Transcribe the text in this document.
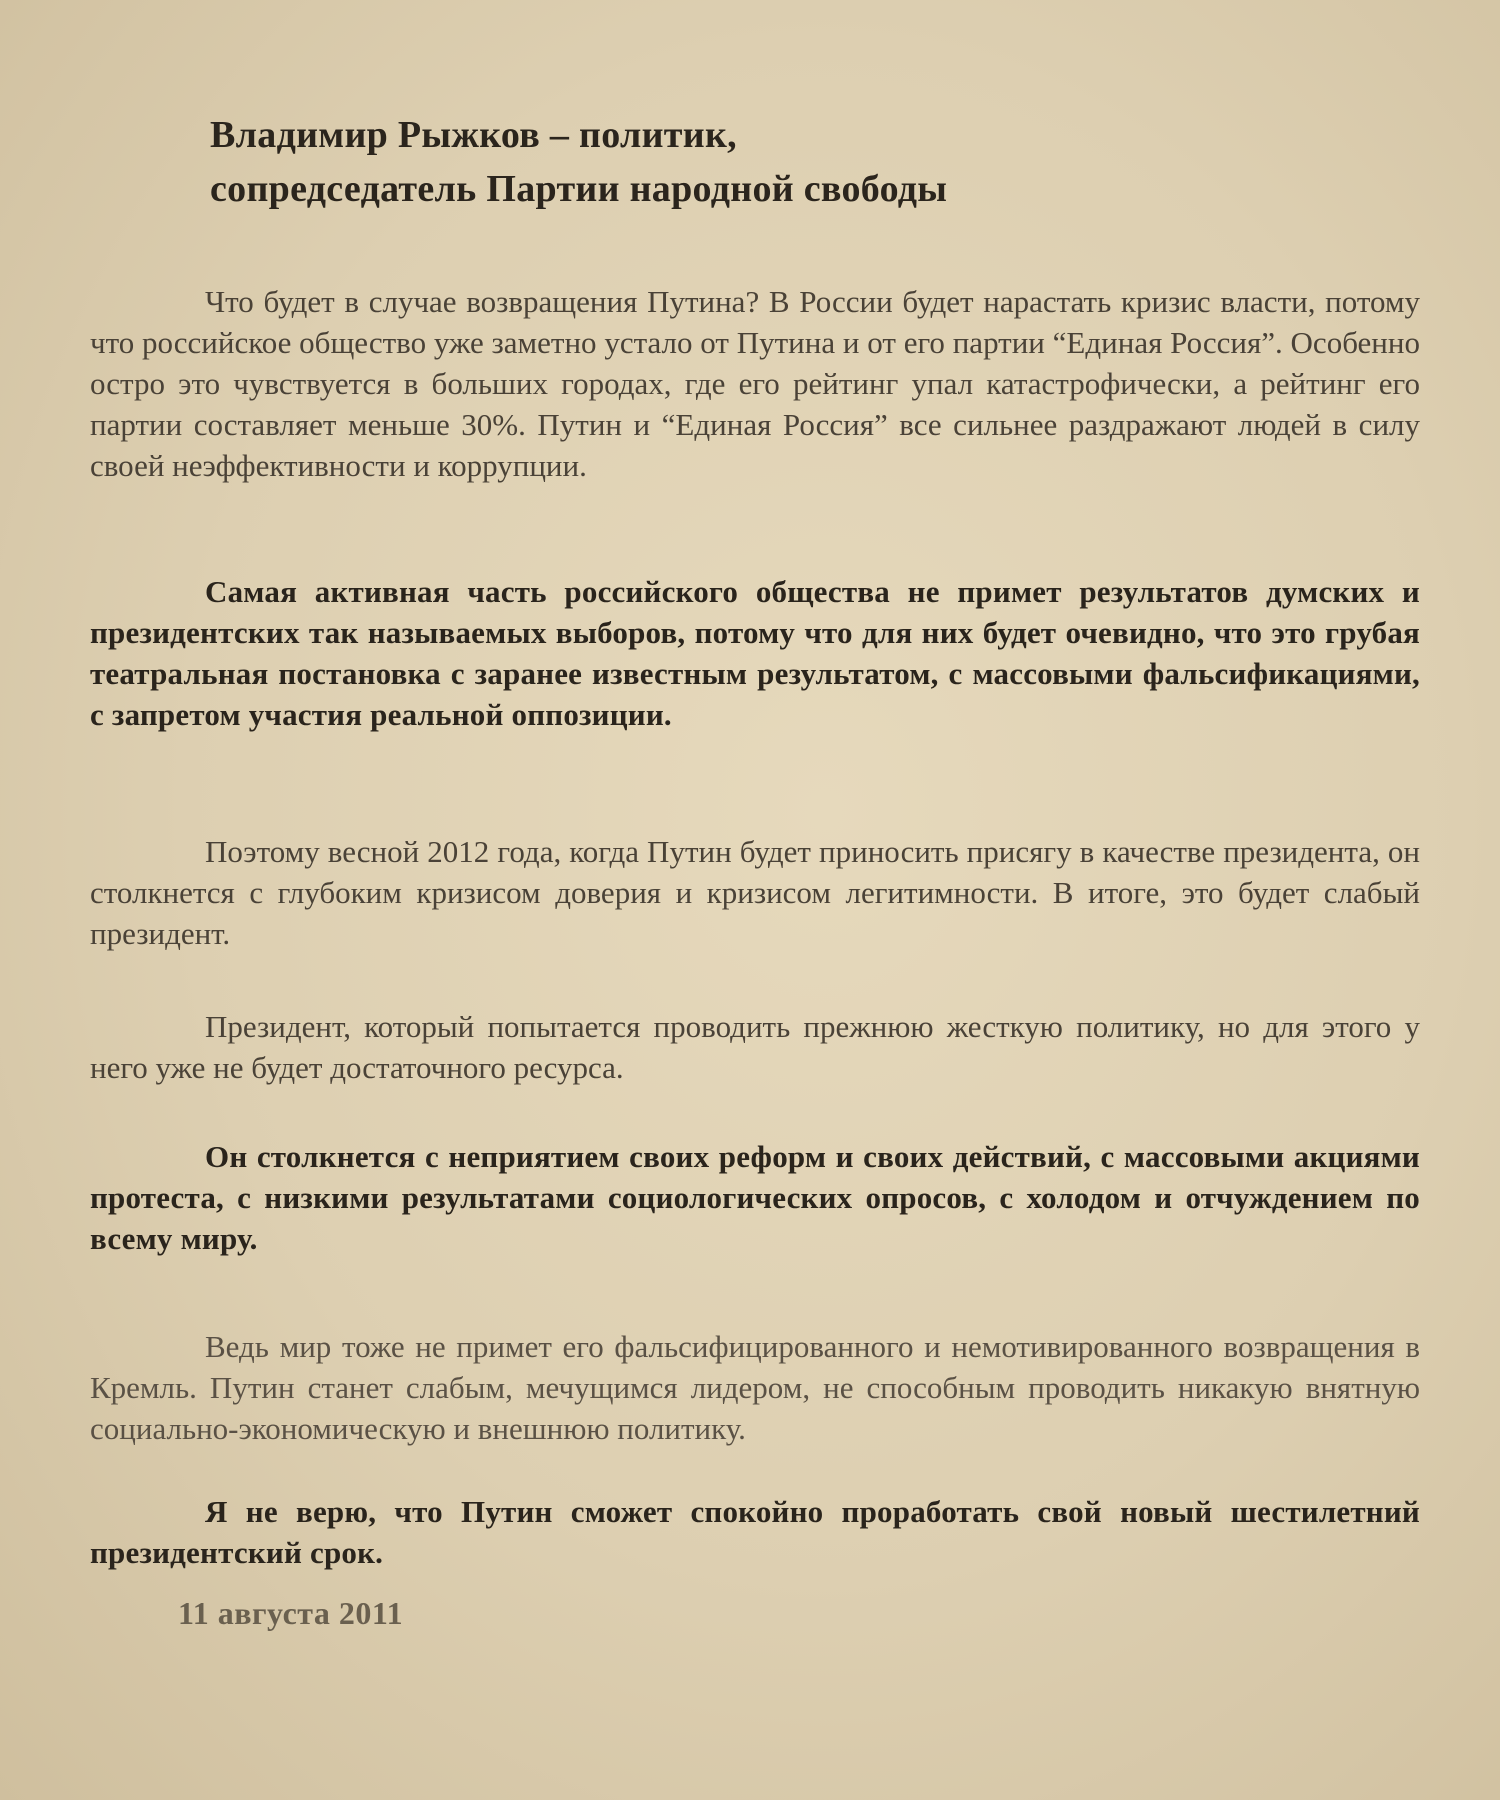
Владимир Рыжков – политик,
сопредседатель Партии народной свободы

Что будет в случае возвращения Путина? В России будет нарастать кризис власти, потому что российское общество уже заметно устало от Путина и от его партии “Единая Россия”. Особенно остро это чувствуется в больших городах, где его рейтинг упал катастрофически, а рейтинг его партии составляет меньше 30%. Путин и “Единая Россия” все сильнее раздражают людей в силу своей неэффективности и коррупции.

Самая активная часть российского общества не примет результатов думских и президентских так называемых выборов, потому что для них будет очевидно, что это грубая театральная постановка с заранее известным результатом, с массовыми фальсификациями, с запретом участия реальной оппозиции.

Поэтому весной 2012 года, когда Путин будет приносить присягу в качестве президента, он столкнется с глубоким кризисом доверия и кризисом легитимности. В итоге, это будет слабый президент.

Президент, который попытается проводить прежнюю жесткую политику, но для этого у него уже не будет достаточного ресурса.

Он столкнется с неприятием своих реформ и своих действий, с массовыми акциями протеста, с низкими результатами социологических опросов, с холодом и отчуждением по всему миру.

Ведь мир тоже не примет его фальсифицированного и немотивированного возвращения в Кремль. Путин станет слабым, мечущимся лидером, не способным проводить никакую внятную социально-экономическую и внешнюю политику.

Я не верю, что Путин сможет спокойно проработать свой новый шестилетний президентский срок.

11 августа 2011
